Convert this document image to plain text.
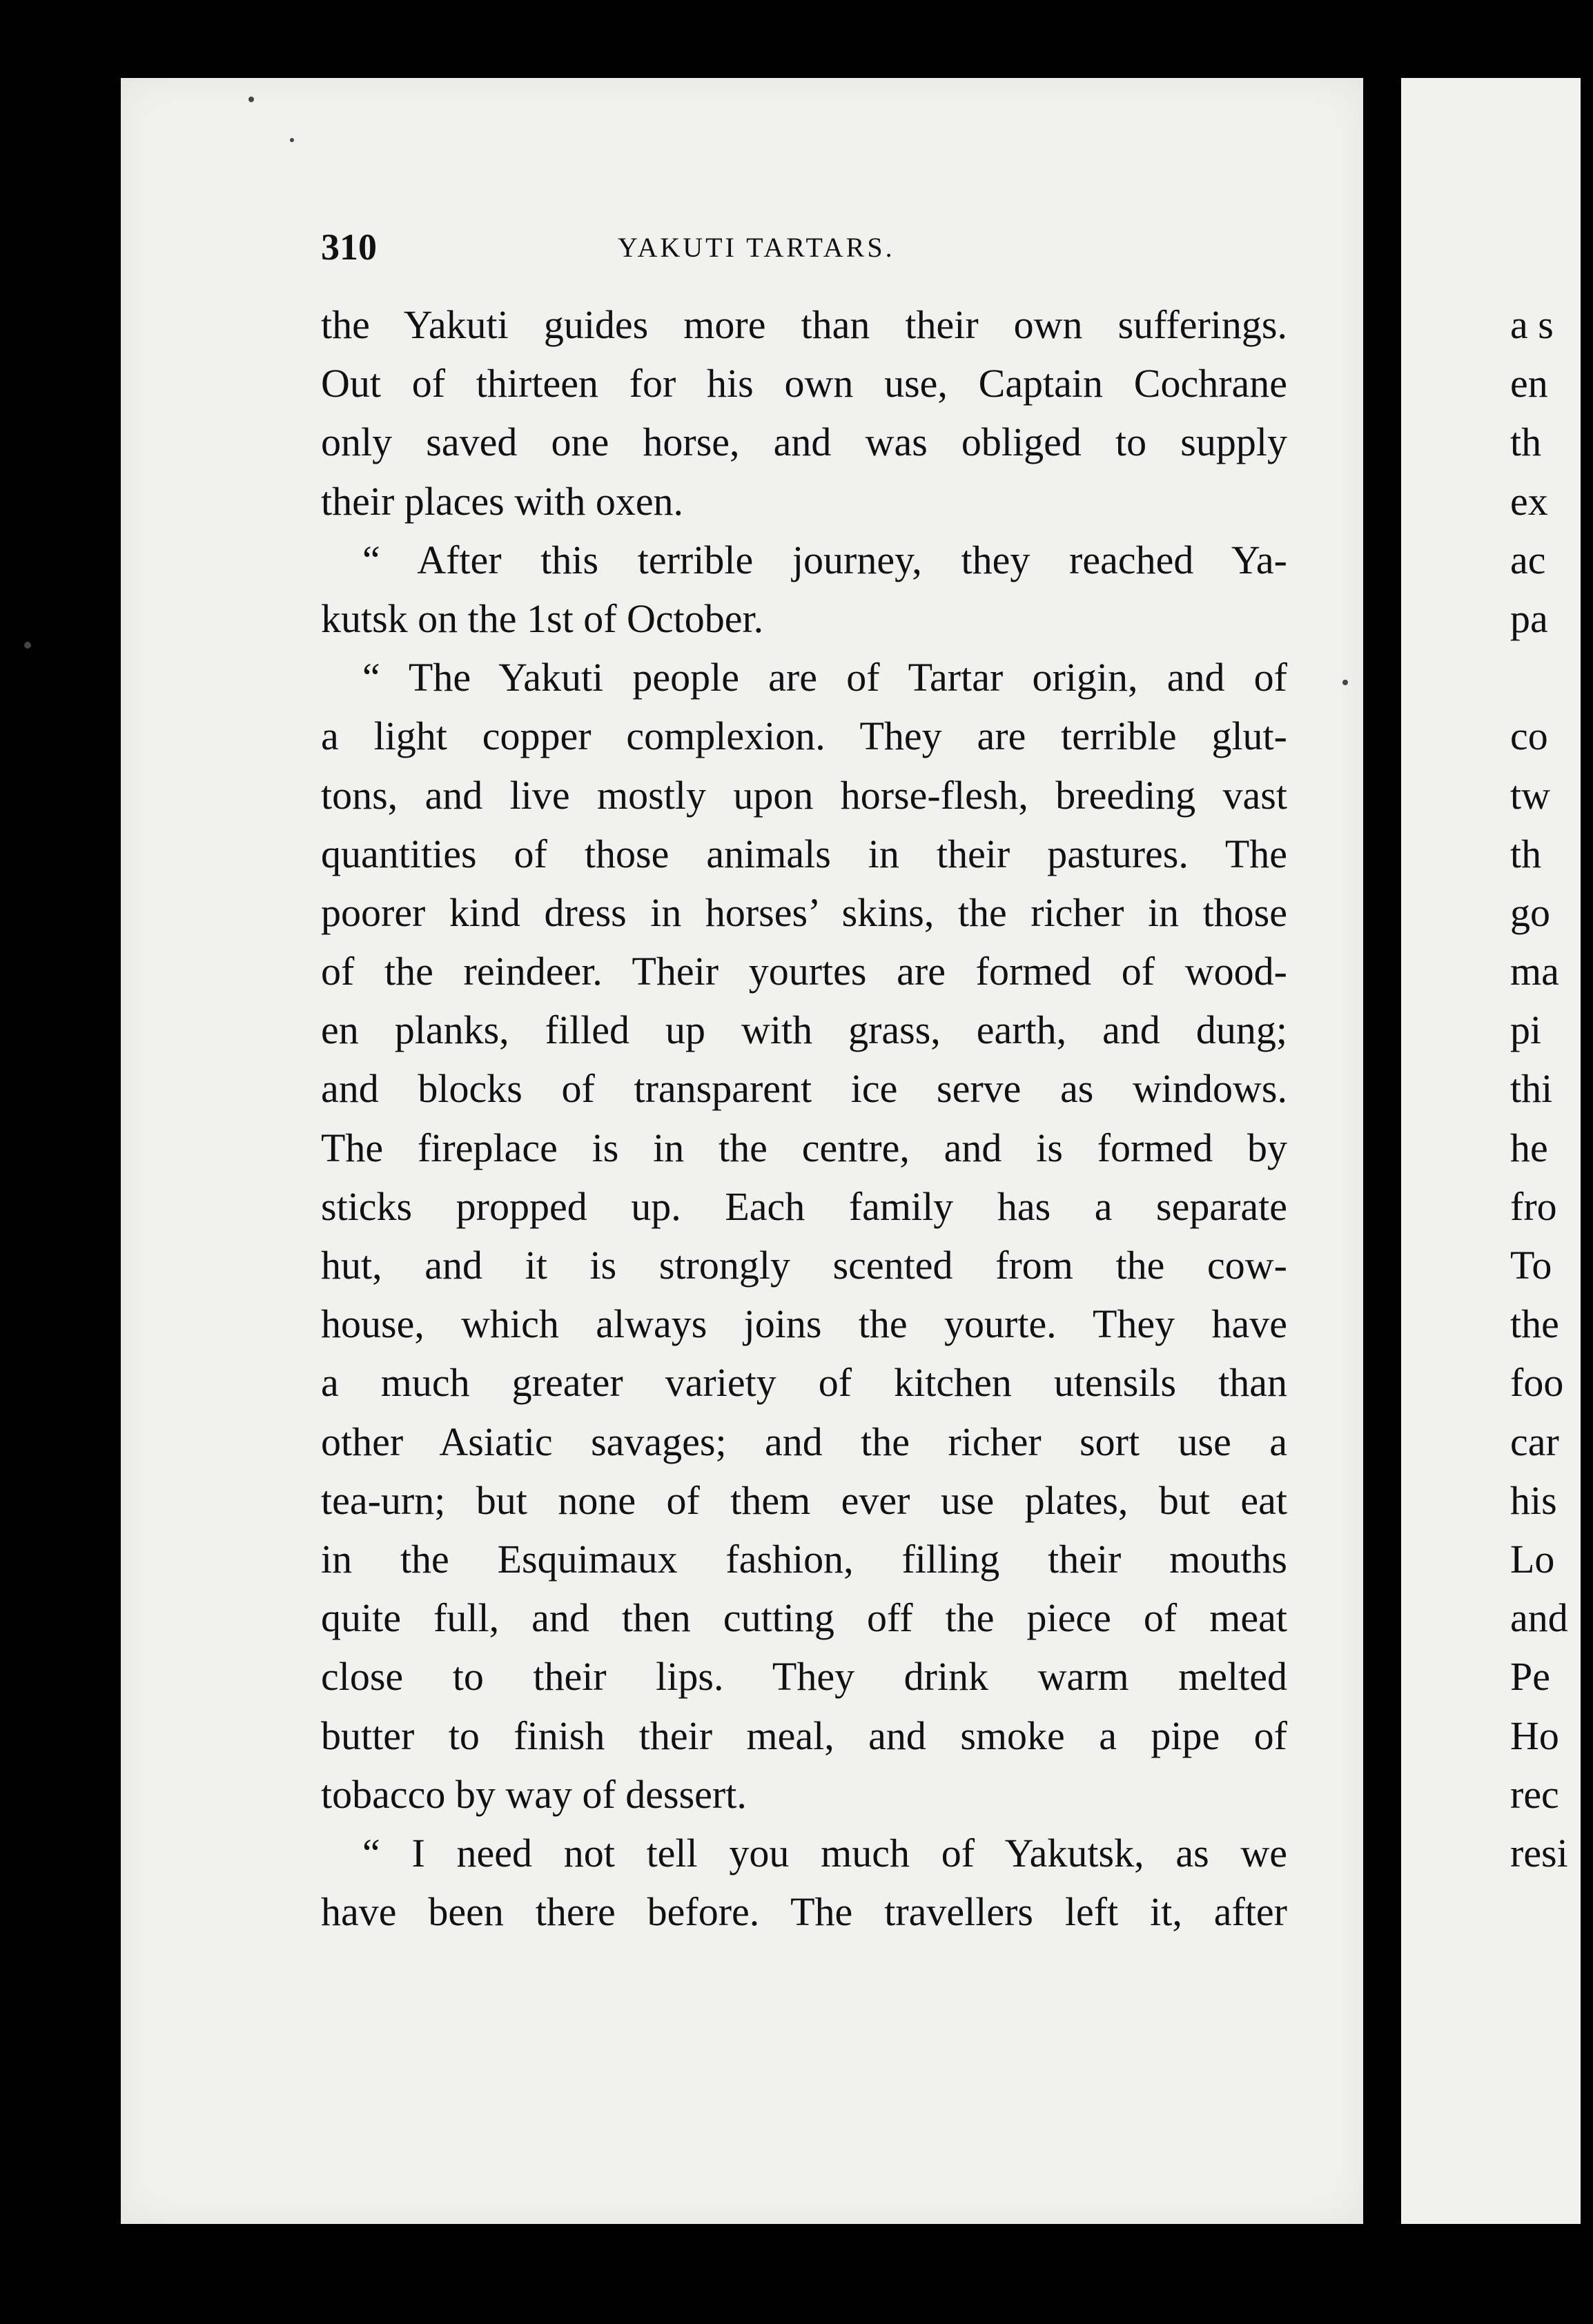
310	YAKUTI TARTARS.
the Yakuti guides more than their own sufferings.
Out of thirteen for his own use, Captain Cochrane
only saved one horse, and was obliged to supply
their places with oxen.
“ After this terrible journey, they reached Ya-
kutsk on the 1st of October.
“ The Yakuti people are of Tartar origin, and of
a light copper complexion. They are terrible glut-
tons, and live mostly upon horse-flesh, breeding vast
quantities of those animals in their pastures. The
poorer kind dress in horses’ skins, the richer in those
of the reindeer. Their yourtes are formed of wood-
en planks, filled up with grass, earth, and dung;
and blocks of transparent ice serve as windows.
The fireplace is in the centre, and is formed by
sticks propped up. Each family has a separate
hut, and it is strongly scented from the cow-
house, which always joins the yourte. They have
a much greater variety of kitchen utensils than
other Asiatic savages; and the richer sort use a
tea-urn; but none of them ever use plates, but eat
in the Esquimaux fashion, filling their mouths
quite full, and then cutting off the piece of meat
close to their lips. They drink warm melted
butter to finish their meal, and smoke a pipe of
tobacco by way of dessert.
“ I need not tell you much of Yakutsk, as we
have been there before. The travellers left it, after
a s
en
th
ex
ac
pa
co
tw
th
go
ma
pi
thi
he
fro
To
the
foo
car
his
Lo
and
Pe
Ho
rec
resi
